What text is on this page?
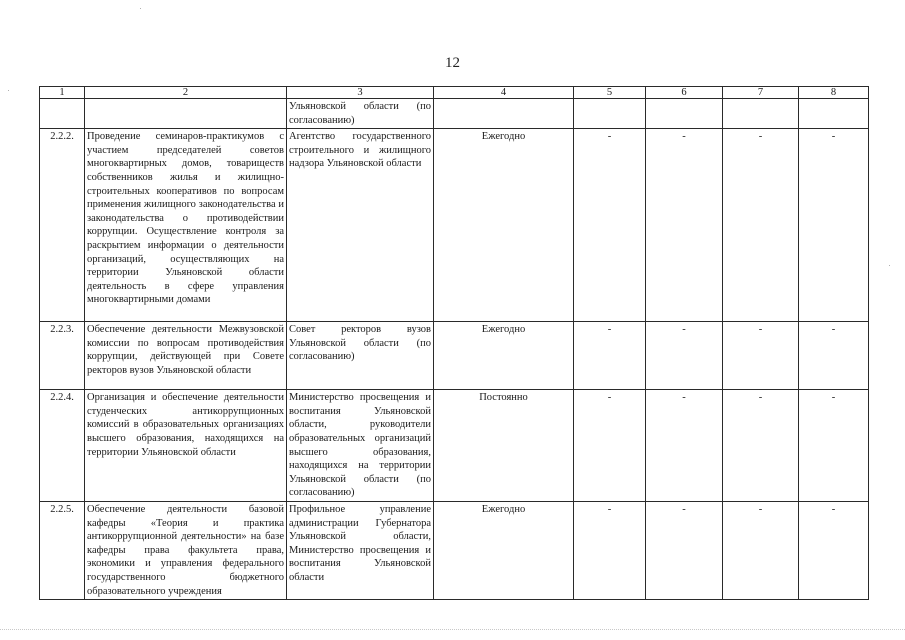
12
1	2	3	4	5	6	7	8
		Ульяновской области (по согласованию)					
2.2.2.	Проведение семинаров-практикумов с участием председателей советов многоквартирных домов, товариществ собственников жилья и жилищно-строительных кооперативов по вопросам применения жилищного законодательства и законодательства о противодействии коррупции. Осуществление контроля за раскрытием информации о деятельности организаций, осуществляющих на территории Ульяновской области деятельность в сфере управления многоквартирными домами	Агентство государственного строительного и жилищного надзора Ульяновской области	Ежегодно	-	-	-	-
2.2.3.	Обеспечение деятельности Межвузовской комиссии по вопросам противодействия коррупции, действующей при Совете ректоров вузов Ульяновской области	Совет ректоров вузов Ульяновской области (по согласованию)	Ежегодно	-	-	-	-
2.2.4.	Организация и обеспечение деятельности студенческих антикоррупционных комиссий в образовательных организациях высшего образования, находящихся на территории Ульяновской области	Министерство просвещения и воспитания Ульяновской области, руководители образовательных организаций высшего образования, находящихся на территории Ульяновской области (по согласованию)	Постоянно	-	-	-	-
2.2.5.	Обеспечение деятельности базовой кафедры «Теория и практика антикоррупционной деятельности» на базе кафедры права факультета права, экономики и управления федерального государственного бюджетного образовательного учреждения	Профильное управление администрации Губернатора Ульяновской области, Министерство просвещения и воспитания Ульяновской области	Ежегодно	-	-	-	-
